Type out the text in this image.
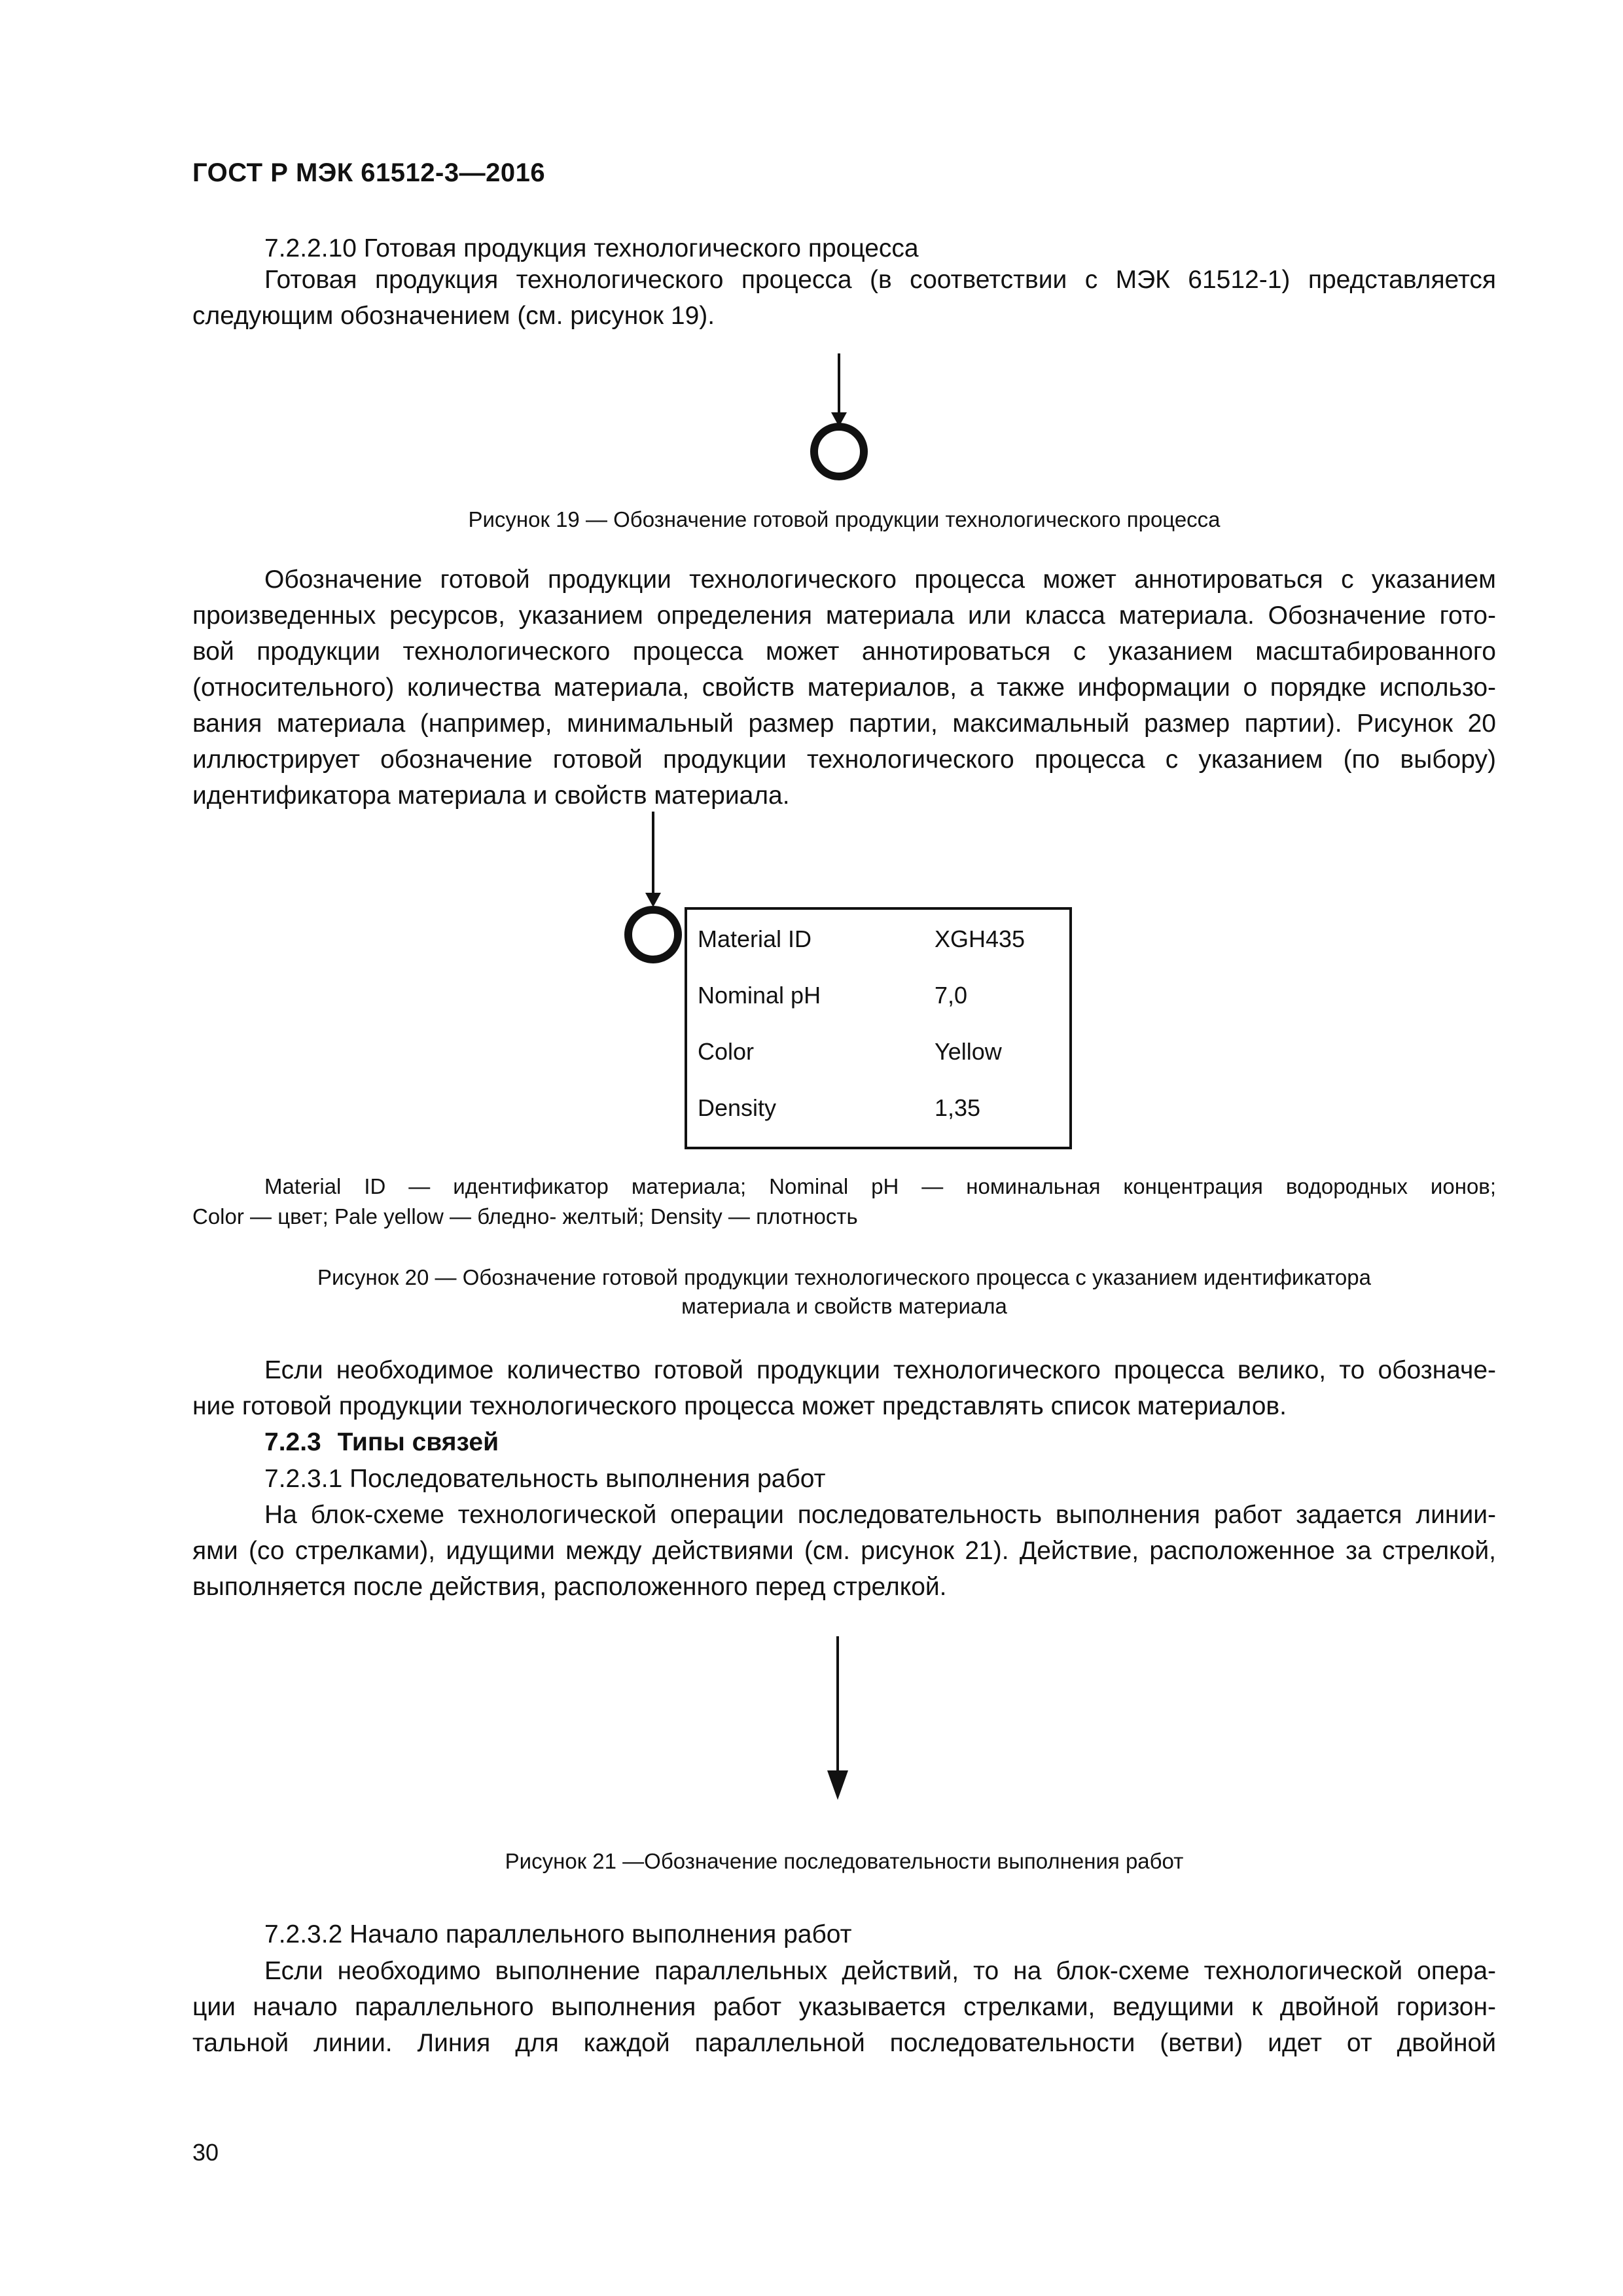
ГОСТ Р МЭК 61512-3—2016
7.2.2.10 Готовая продукция технологического процесса
Готовая продукция технологического процесса (в соответствии с МЭК 61512-1) представляется
следующим обозначением (см. рисунок 19).
Рисунок 19 — Обозначение готовой продукции технологического процесса
Обозначение готовой продукции технологического процесса может аннотироваться с указанием
произведенных ресурсов, указанием определения материала или класса материала. Обозначение гото-
вой продукции технологического процесса может аннотироваться с указанием масштабированного
(относительного) количества материала, свойств материалов, а также информации о порядке использо-
вания материала (например, минимальный размер партии, максимальный размер партии). Рисунок 20
иллюстрирует обозначение готовой продукции технологического процесса с указанием (по выбору)
идентификатора материала и свойств материала.
Material ID	XGH435
Nominal pH	7,0
Color	Yellow
Density	1,35
Material ID — идентификатор материала; Nominal pH — номинальная концентрация водородных ионов;
Color — цвет; Pale yellow — бледно- желтый; Density — плотность
Рисунок 20 — Обозначение готовой продукции технологического процесса с указанием идентификатора
материала и свойств материала
Если необходимое количество готовой продукции технологического процесса велико, то обозначе-
ние готовой продукции технологического процесса может представлять список материалов.
7.2.3 Типы связей
7.2.3.1 Последовательность выполнения работ
На блок-схеме технологической операции последовательность выполнения работ задается линии-
ями (со стрелками), идущими между действиями (см. рисунок 21). Действие, расположенное за стрелкой,
выполняется после действия, расположенного перед стрелкой.
Рисунок 21 —Обозначение последовательности выполнения работ
7.2.3.2 Начало параллельного выполнения работ
Если необходимо выполнение параллельных действий, то на блок-схеме технологической опера-
ции начало параллельного выполнения работ указывается стрелками, ведущими к двойной горизон-
тальной линии. Линия для каждой параллельной последовательности (ветви) идет от двойной
30
